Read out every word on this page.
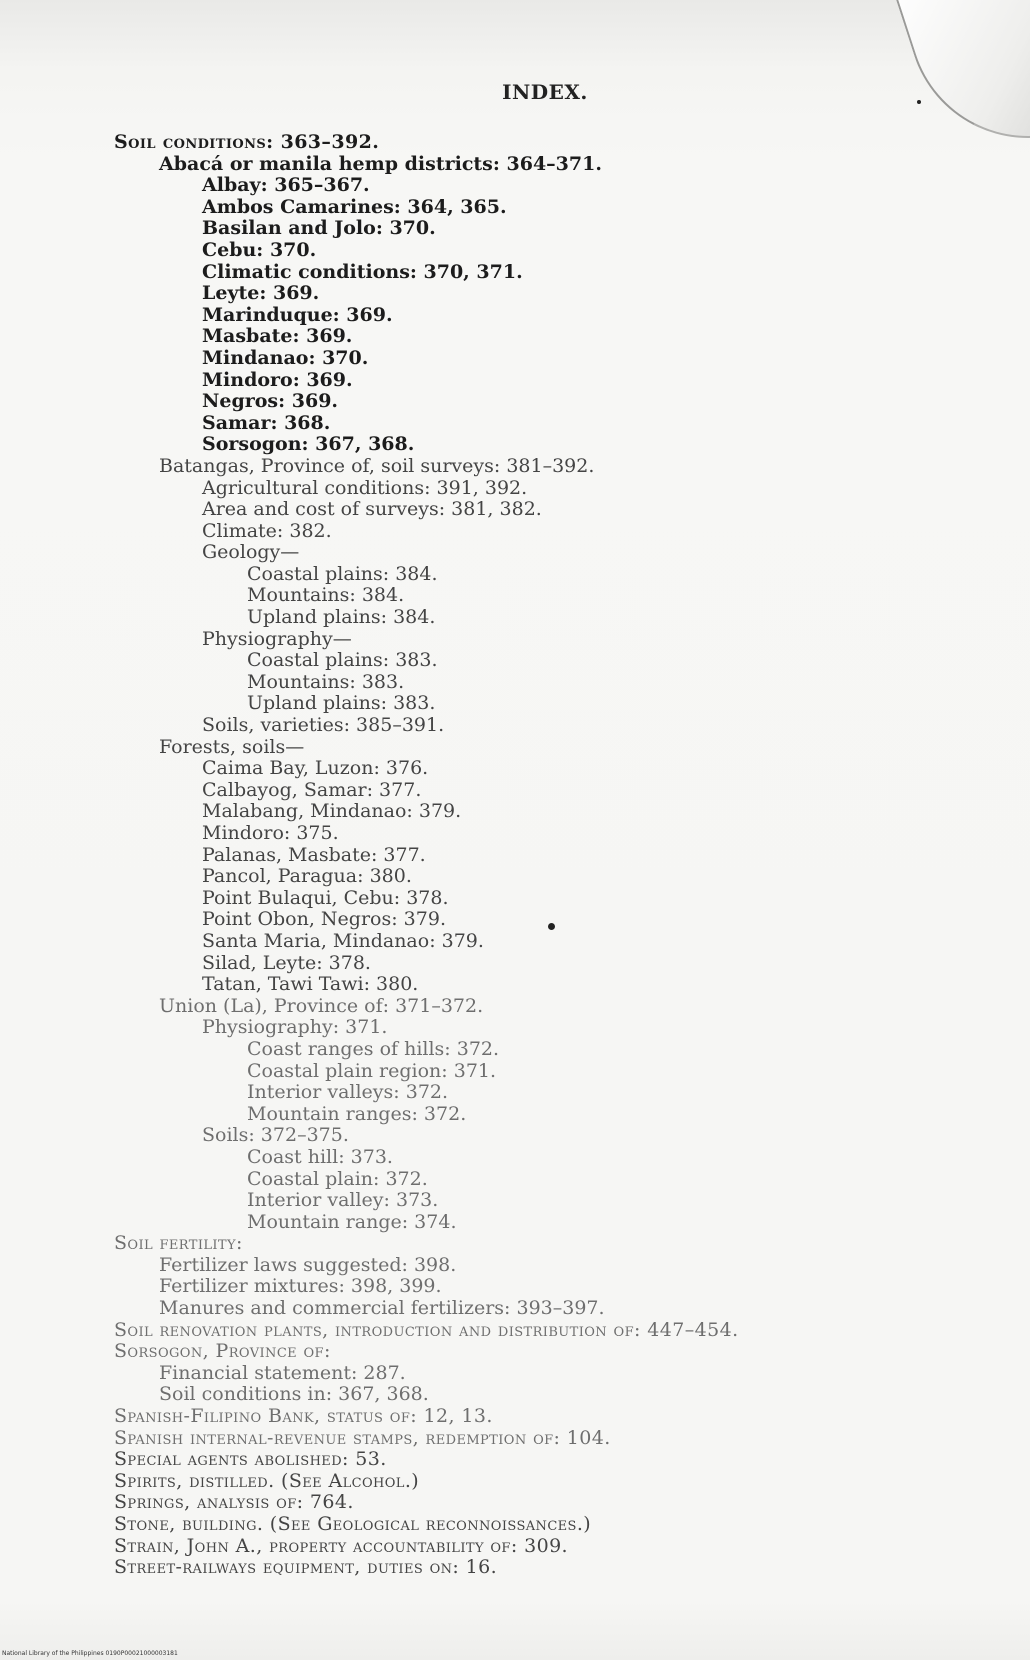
INDEX.
Soil conditions: 363–392.
Abacá or manila hemp districts: 364–371.
Albay: 365–367.
Ambos Camarines: 364, 365.
Basilan and Jolo: 370.
Cebu: 370.
Climatic conditions: 370, 371.
Leyte: 369.
Marinduque: 369.
Masbate: 369.
Mindanao: 370.
Mindoro: 369.
Negros: 369.
Samar: 368.
Sorsogon: 367, 368.
Batangas, Province of, soil surveys: 381–392.
Agricultural conditions: 391, 392.
Area and cost of surveys: 381, 382.
Climate: 382.
Geology—
Coastal plains: 384.
Mountains: 384.
Upland plains: 384.
Physiography—
Coastal plains: 383.
Mountains: 383.
Upland plains: 383.
Soils, varieties: 385–391.
Forests, soils—
Caima Bay, Luzon: 376.
Calbayog, Samar: 377.
Malabang, Mindanao: 379.
Mindoro: 375.
Palanas, Masbate: 377.
Pancol, Paragua: 380.
Point Bulaqui, Cebu: 378.
Point Obon, Negros: 379.
Santa Maria, Mindanao: 379.
Silad, Leyte: 378.
Tatan, Tawi Tawi: 380.
Union (La), Province of: 371–372.
Physiography: 371.
Coast ranges of hills: 372.
Coastal plain region: 371.
Interior valleys: 372.
Mountain ranges: 372.
Soils: 372–375.
Coast hill: 373.
Coastal plain: 372.
Interior valley: 373.
Mountain range: 374.
Soil fertility:
Fertilizer laws suggested: 398.
Fertilizer mixtures: 398, 399.
Manures and commercial fertilizers: 393–397.
Soil renovation plants, introduction and distribution of: 447–454.
Sorsogon, Province of:
Financial statement: 287.
Soil conditions in: 367, 368.
Spanish-Filipino Bank, status of: 12, 13.
Spanish internal-revenue stamps, redemption of: 104.
Special agents abolished: 53.
Spirits, distilled. (See Alcohol.)
Springs, analysis of: 764.
Stone, building. (See Geological reconnoissances.)
Strain, John A., property accountability of: 309.
Street-railways equipment, duties on: 16.
National Library of the Philippines 0190P00021000003181
